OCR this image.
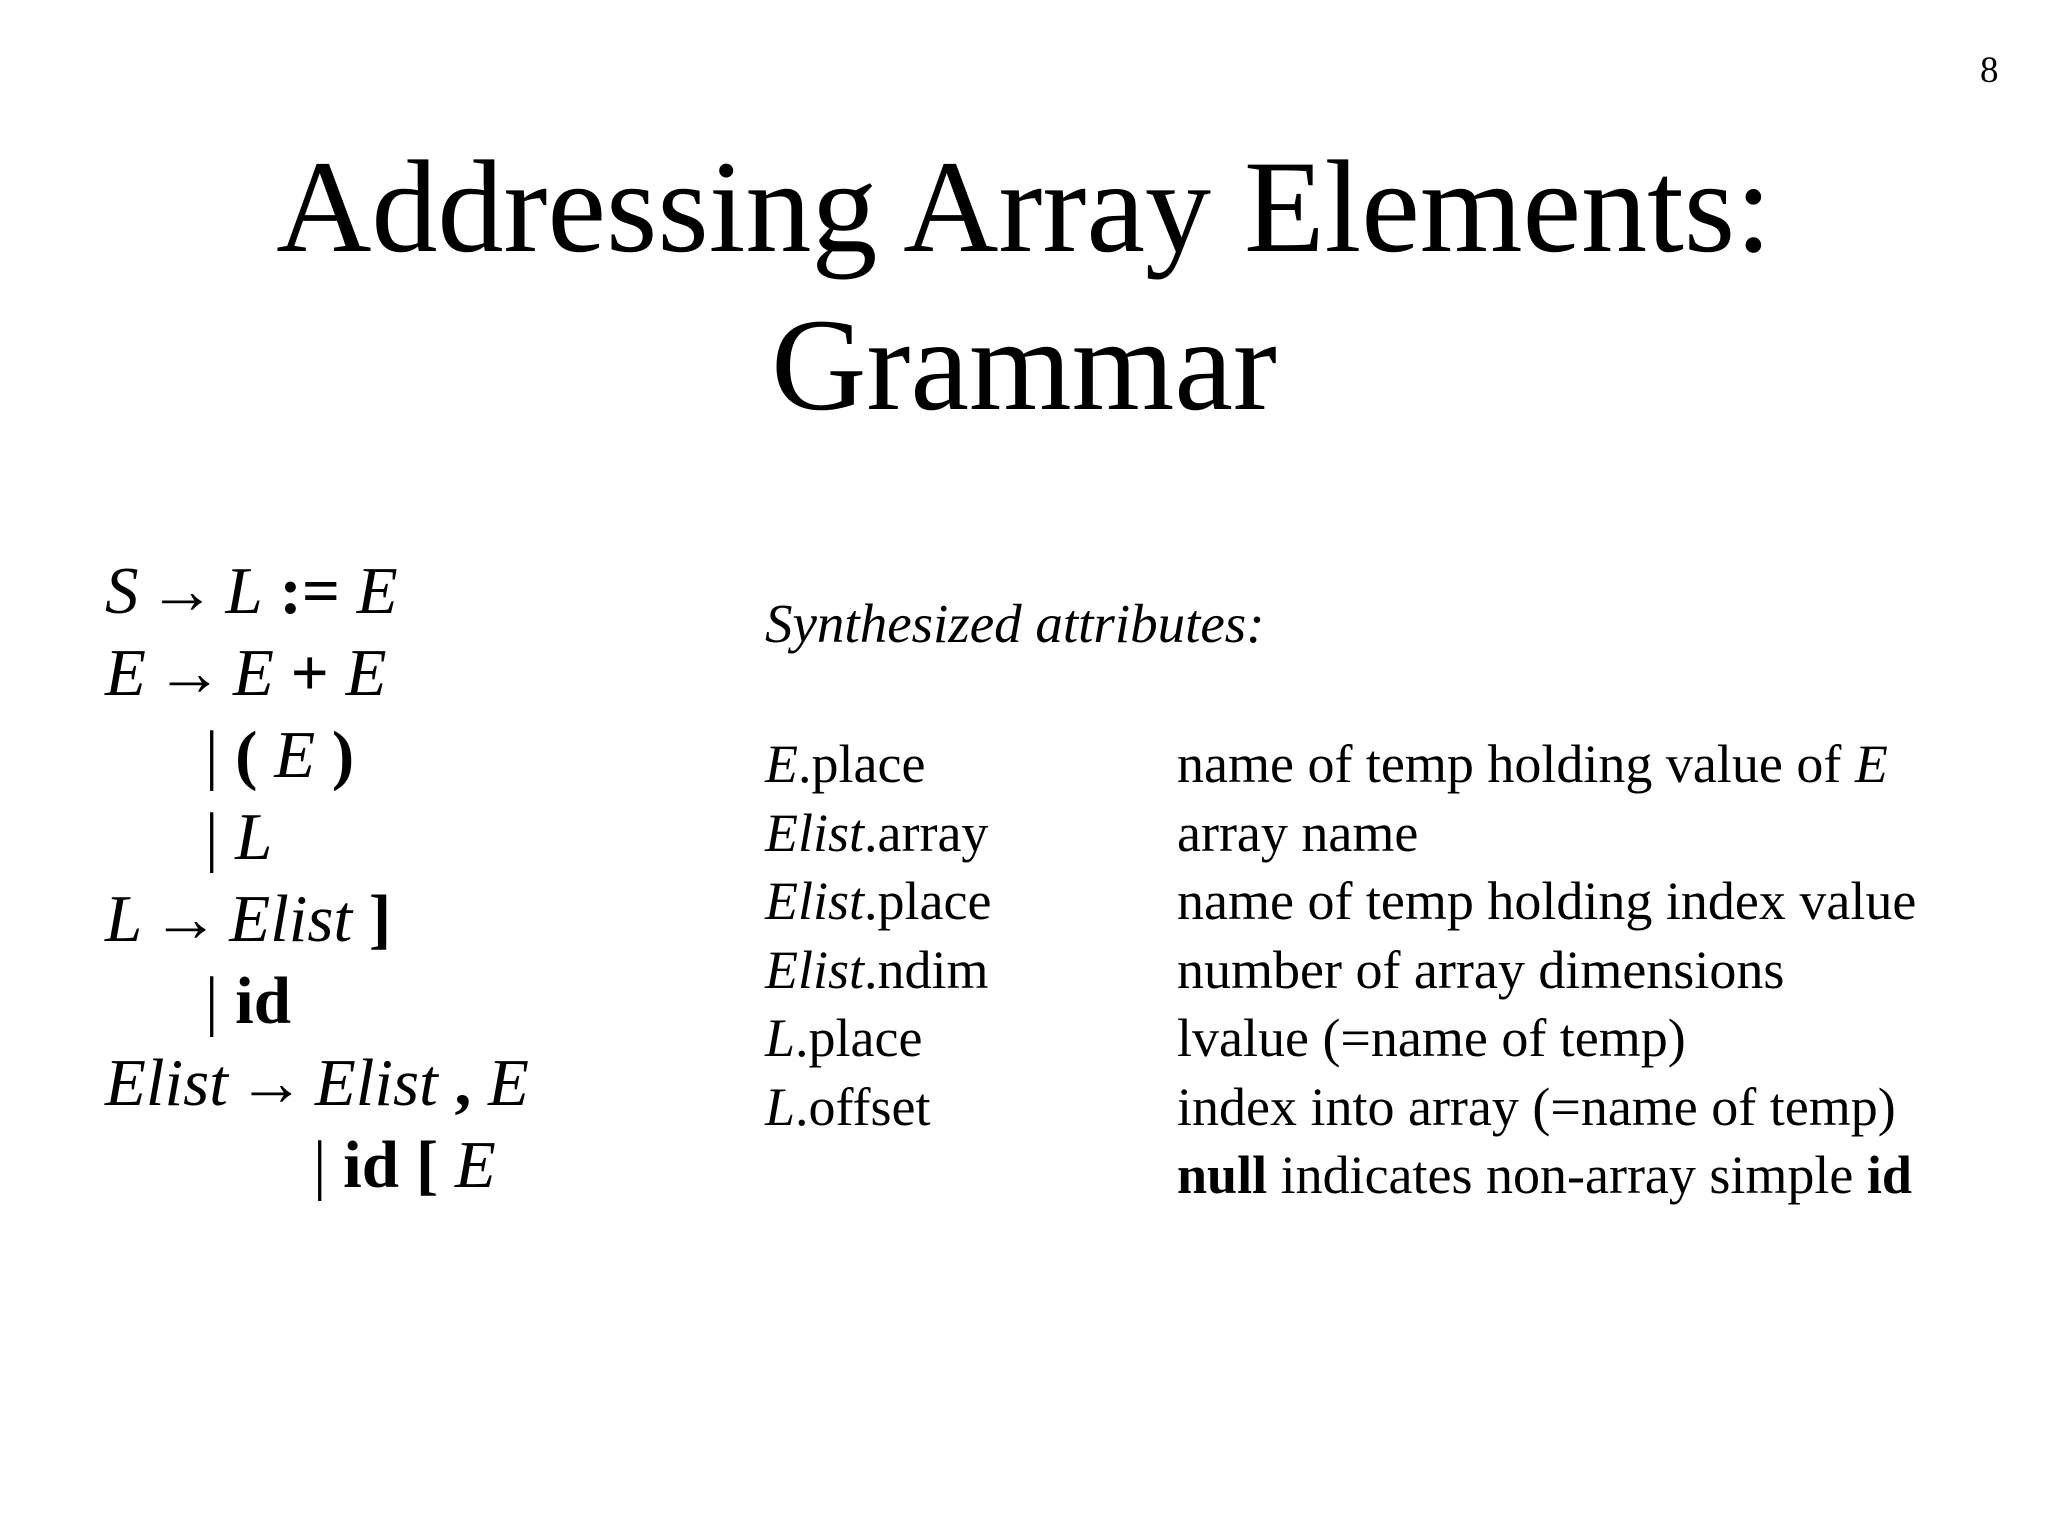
8
Addressing Array Elements:
Grammar
S → L := E
E → E + E
| ( E )
| L
L → Elist ]
| id
Elist → Elist , E
| id [ E
Synthesized attributes:
E.place	name of temp holding value of E
Elist.array	array name
Elist.place	name of temp holding index value
Elist.ndim	number of array dimensions
L.place	lvalue (=name of temp)
L.offset	index into array (=name of temp)
null indicates non-array simple id
